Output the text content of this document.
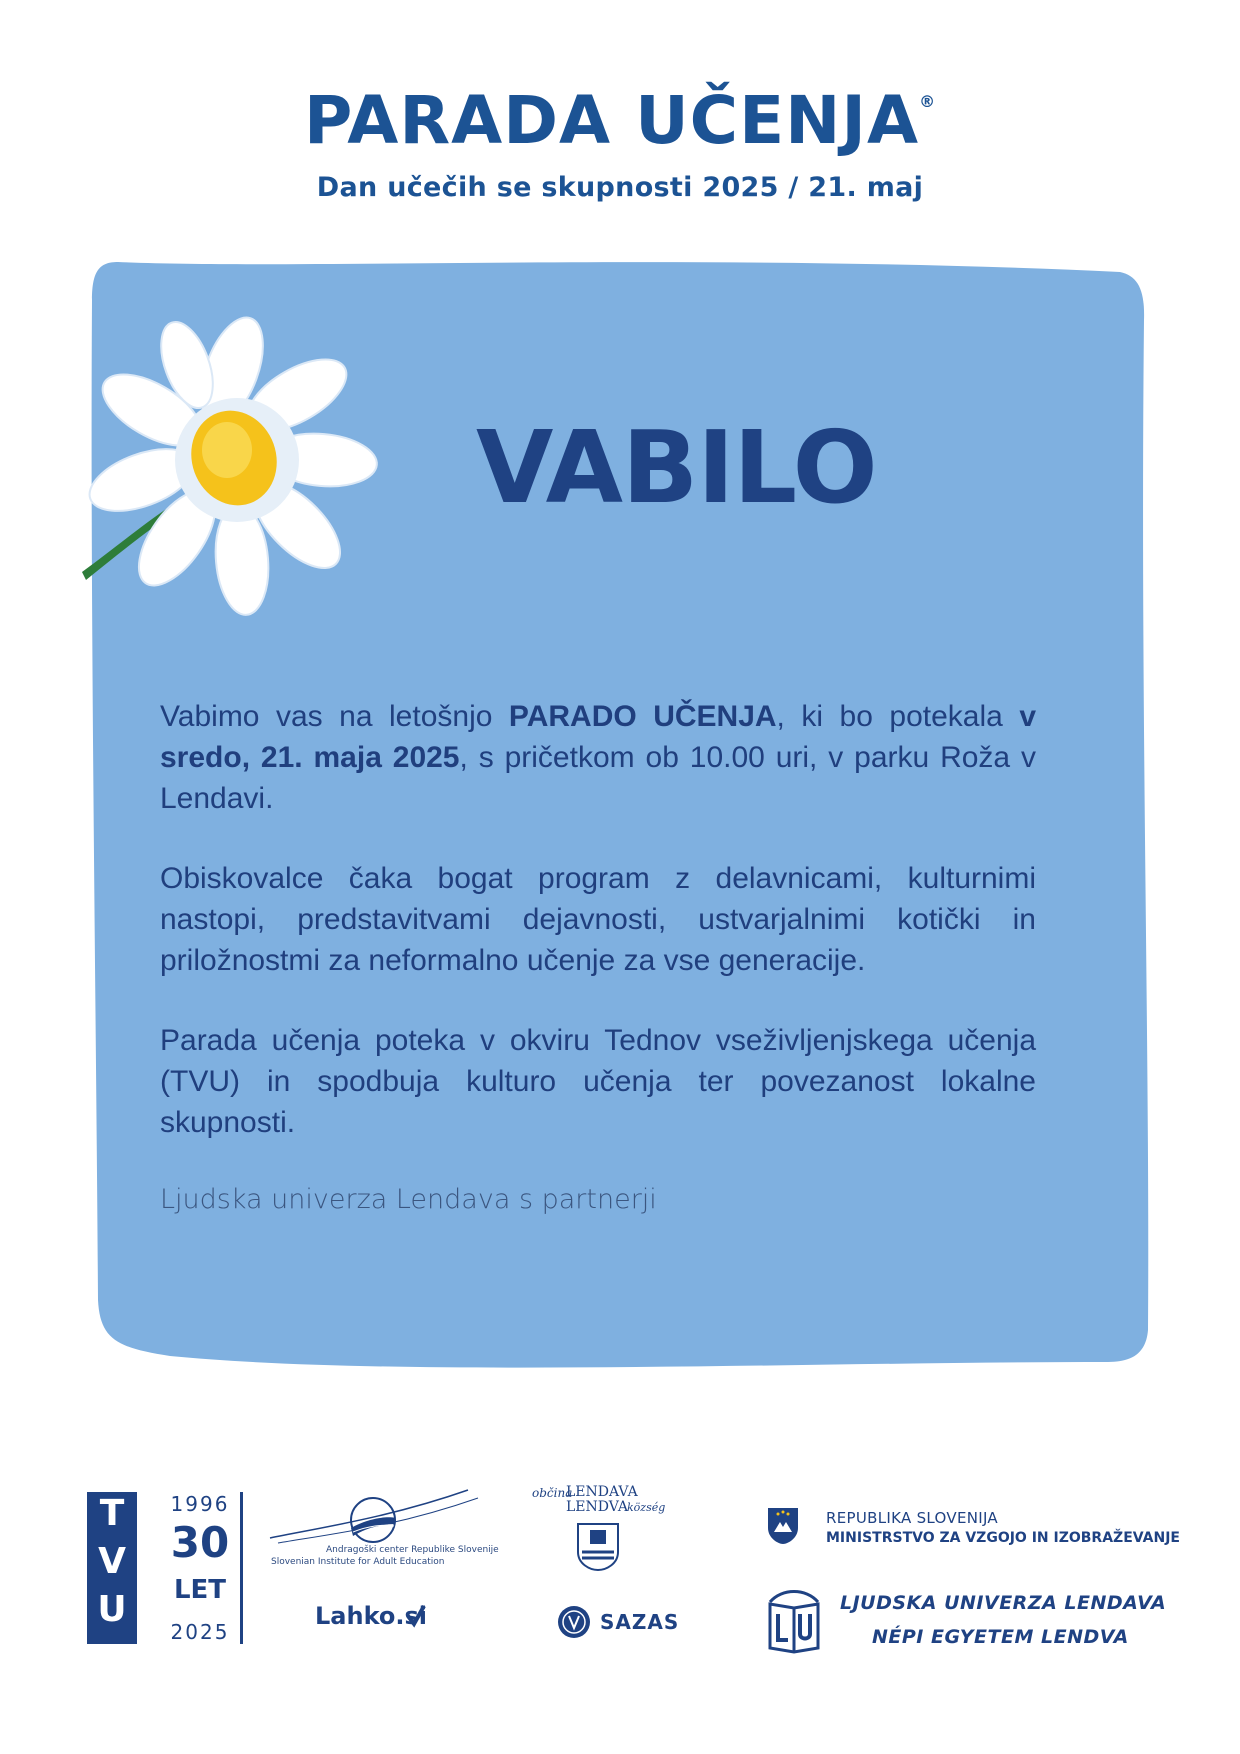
PARADA UČENJA®
Dan učečih se skupnosti 2025 / 21. maj
VABILO

Vabimo vas na letošnjo PARADO UČENJA, ki bo potekala v sredo, 21. maja 2025, s pričetkom ob 10.00 uri, v parku Roža v Lendavi.

Obiskovalce čaka bogat program z delavnicami, kulturnimi nastopi, predstavitvami dejavnosti, ustvarjalnimi kotički in priložnostmi za neformalno učenje za vse generacije.

Parada učenja poteka v okviru Tednov vseživljenjskega učenja (TVU) in spodbuja kulturo učenja ter povezanost lokalne skupnosti.

Ljudska univerza Lendava s partnerji
T
V
U
1996
30
LET
2025
Andragoški center Republike Slovenije
Slovenian Institute for Adult Education
Lahko.si
občina
LENDAVA
LENDVA
község
SAZAS
REPUBLIKA SLOVENIJA
MINISTRSTVO ZA VZGOJO IN IZOBRAŽEVANJE
LJUDSKA UNIVERZA LENDAVA
NÉPI EGYETEM LENDVA
